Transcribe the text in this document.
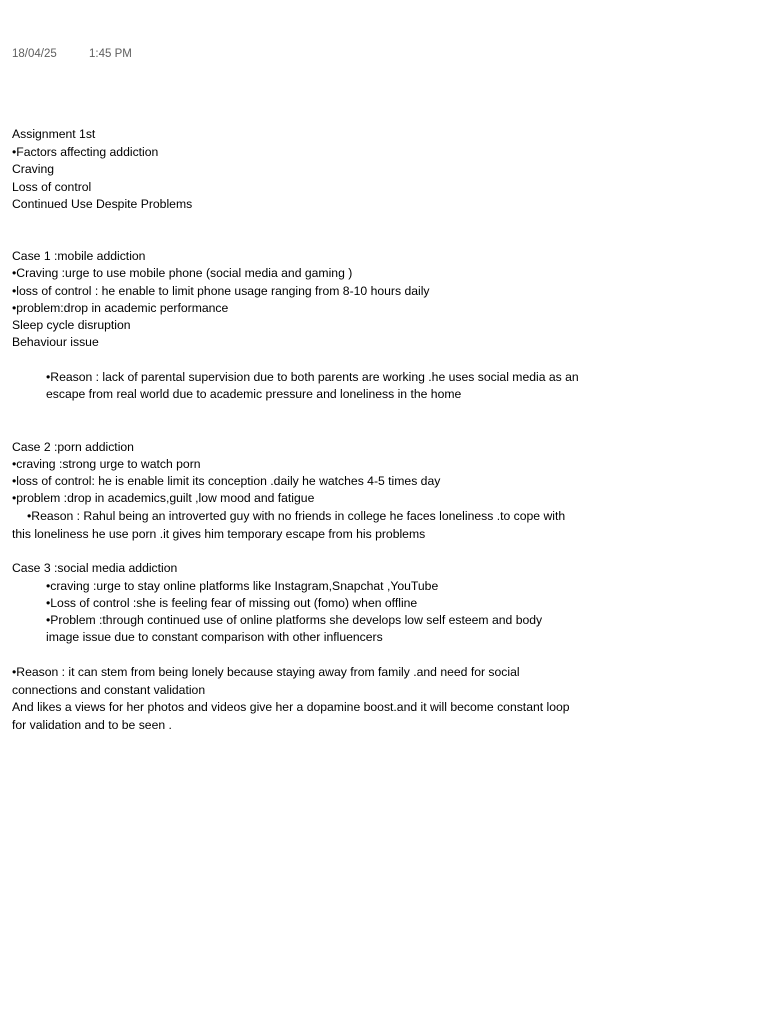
18/04/25	1:45 PM
Assignment 1st
•Factors affecting addiction
Craving
Loss of control
Continued Use Despite Problems
Case 1 :mobile addiction
•Craving :urge to use mobile phone (social media and gaming )
•loss of control : he enable to limit phone usage ranging from 8-10 hours daily
•problem:drop in academic performance
Sleep cycle disruption
Behaviour issue
•Reason : lack of parental supervision due to both parents are working .he uses social media as an
escape from real world due to academic pressure and loneliness in the home
Case 2 :porn addiction
•craving :strong urge to watch porn
•loss of control: he is enable limit its conception .daily he watches 4-5 times day
•problem :drop in academics,guilt ,low mood and fatigue
•Reason : Rahul being an introverted guy with no friends in college he faces loneliness .to cope with
this loneliness he use porn .it gives him temporary escape from his problems
Case 3 :social media addiction
•craving :urge to stay online platforms like Instagram,Snapchat ,YouTube
•Loss of control :she is feeling fear of missing out (fomo) when offline
•Problem :through continued use of online platforms she develops low self esteem and body
image issue due to constant comparison with other influencers
•Reason : it can stem from being lonely because staying away from family .and need for social
connections and constant validation
And likes a views for her photos and videos give her a dopamine boost.and it will become constant loop
for validation and to be seen .
